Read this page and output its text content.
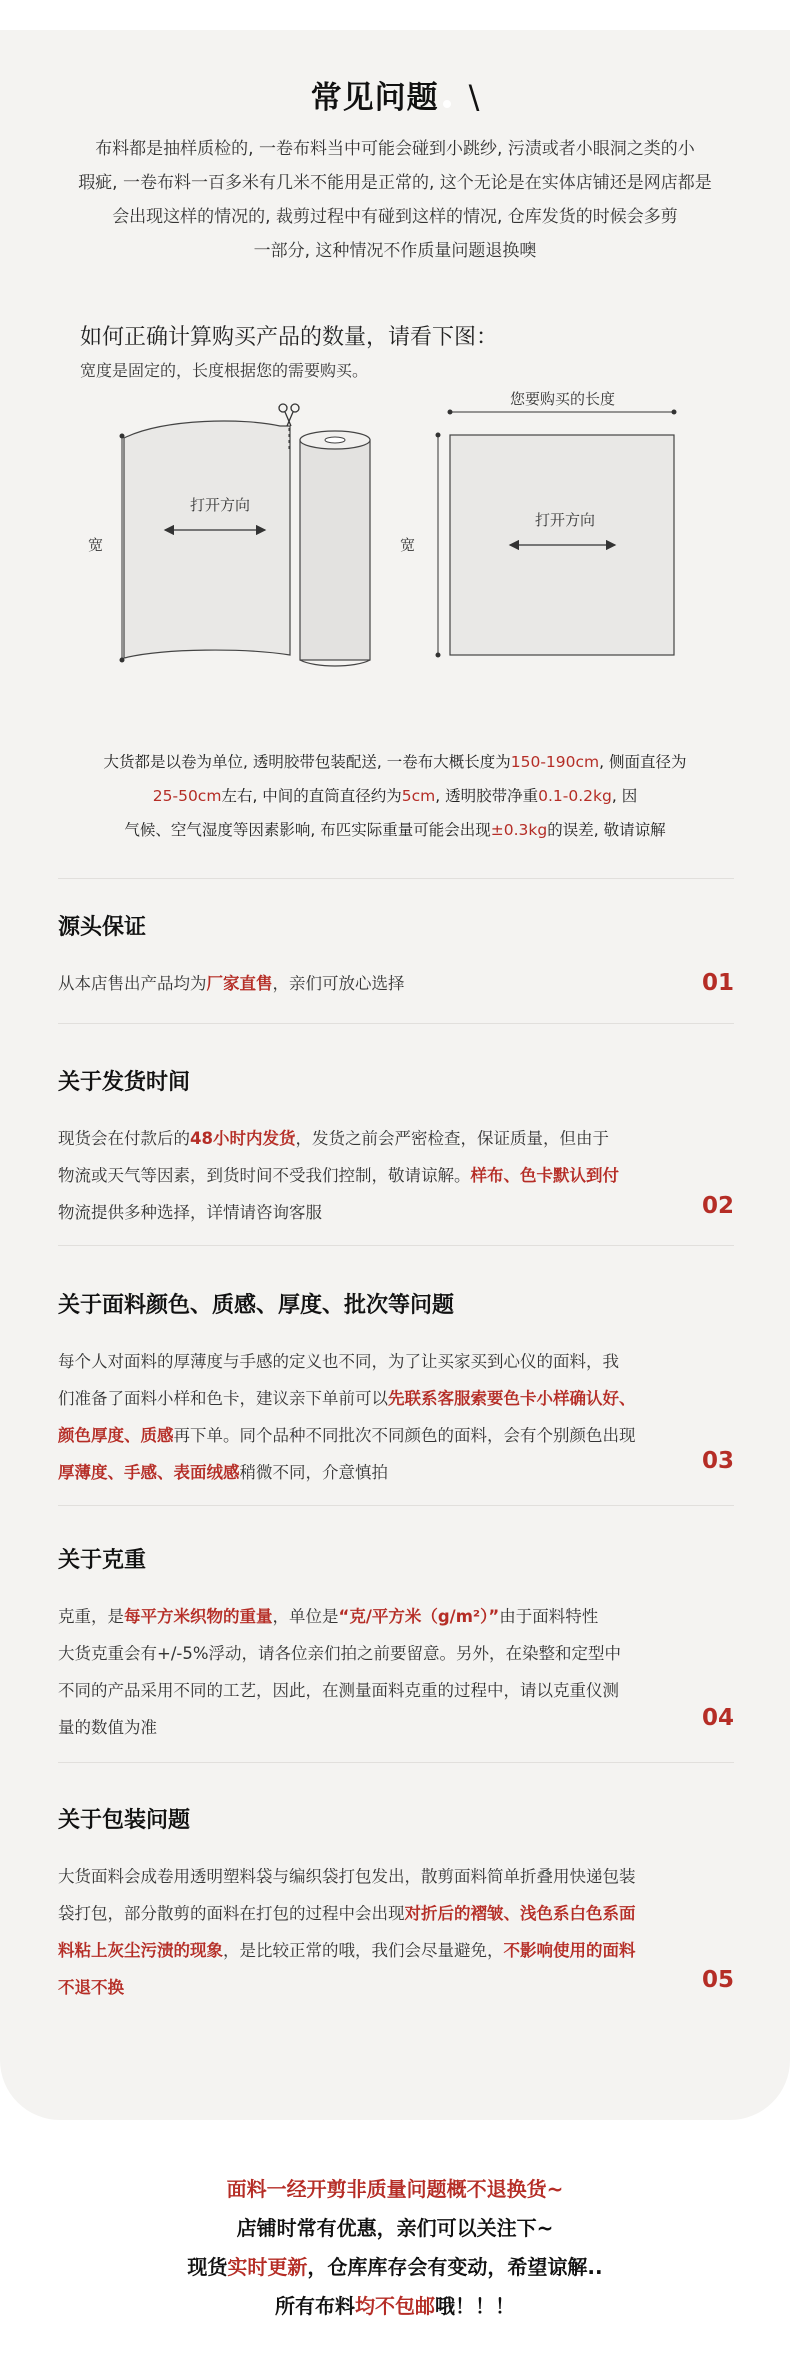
常见问题 \
布料都是抽样质检的, 一卷布料当中可能会碰到小跳纱, 污渍或者小眼洞之类的小
瑕疵, 一卷布料一百多米有几米不能用是正常的, 这个无论是在实体店铺还是网店都是
会出现这样的情况的, 裁剪过程中有碰到这样的情况, 仓库发货的时候会多剪
一部分, 这种情况不作质量问题退换噢
如何正确计算购买产品的数量，请看下图：
宽度是固定的，长度根据您的需要购买。
打开方向
宽
您要购买的长度
打开方向
宽
大货都是以卷为单位, 透明胶带包装配送, 一卷布大概长度为150-190cm, 侧面直径为
25-50cm左右, 中间的直筒直径约为5cm, 透明胶带净重0.1-0.2kg, 因
气候、空气湿度等因素影响, 布匹实际重量可能会出现±0.3kg的误差, 敬请谅解
源头保证
从本店售出产品均为厂家直售，亲们可放心选择	01
关于发货时间
现货会在付款后的48小时内发货，发货之前会严密检查，保证质量，但由于
物流或天气等因素，到货时间不受我们控制，敬请谅解。样布、色卡默认到付
物流提供多种选择，详情请咨询客服	02
关于面料颜色、质感、厚度、批次等问题
每个人对面料的厚薄度与手感的定义也不同，为了让买家买到心仪的面料，我
们准备了面料小样和色卡，建议亲下单前可以先联系客服索要色卡小样确认好、
颜色厚度、质感再下单。同个品种不同批次不同颜色的面料，会有个别颜色出现
厚薄度、手感、表面绒感稍微不同，介意慎拍	03
关于克重
克重，是每平方米织物的重量，单位是“克/平方米（g/m²）”由于面料特性
大货克重会有+/-5%浮动，请各位亲们拍之前要留意。另外，在染整和定型中
不同的产品采用不同的工艺，因此，在测量面料克重的过程中，请以克重仪测
量的数值为准	04
关于包装问题
大货面料会成卷用透明塑料袋与编织袋打包发出，散剪面料简单折叠用快递包装
袋打包，部分散剪的面料在打包的过程中会出现对折后的褶皱、浅色系白色系面
料粘上灰尘污渍的现象，是比较正常的哦，我们会尽量避免，不影响使用的面料
不退不换	05
面料一经开剪非质量问题概不退换货~
店铺时常有优惠，亲们可以关注下~
现货实时更新，仓库库存会有变动，希望谅解..
所有布料均不包邮哦！！！
